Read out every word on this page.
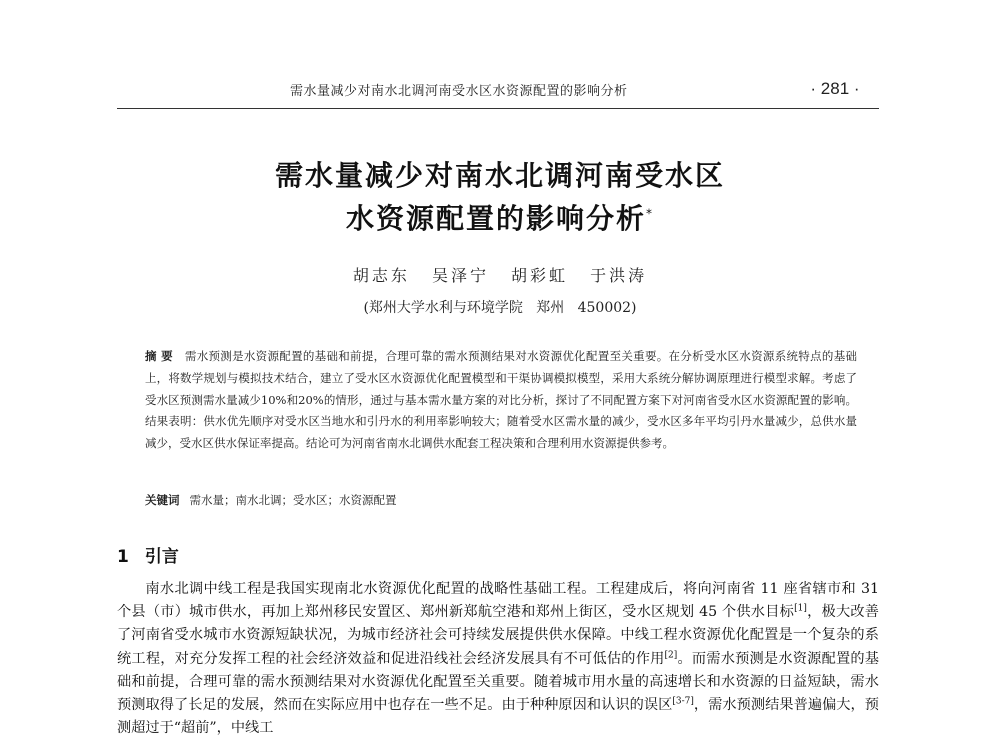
需水量减少对南水北调河南受水区水资源配置的影响分析	· 281 ·
需水量减少对南水北调河南受水区
水资源配置的影响分析*
胡志东 吴泽宁 胡彩虹 于洪涛
(郑州大学水利与环境学院   郑州   450002)
摘 要 需水预测是水资源配置的基础和前提，合理可靠的需水预测结果对水资源优化配置至关重要。在分析受水区水资源系统特点的基础上，将数学规划与模拟技术结合，建立了受水区水资源优化配置模型和干渠协调模拟模型，采用大系统分解协调原理进行模型求解。考虑了受水区预测需水量减少10%和20%的情形，通过与基本需水量方案的对比分析，探讨了不同配置方案下对河南省受水区水资源配置的影响。结果表明：供水优先顺序对受水区当地水和引丹水的利用率影响较大；随着受水区需水量的减少，受水区多年平均引丹水量减少，总供水量减少，受水区供水保证率提高。结论可为河南省南水北调供水配套工程决策和合理利用水资源提供参考。
关键词 需水量；南水北调；受水区；水资源配置
1 引言
南水北调中线工程是我国实现南北水资源优化配置的战略性基础工程。工程建成后，将向河南省 11 座省辖市和 31 个县（市）城市供水，再加上郑州移民安置区、郑州新郑航空港和郑州上街区，受水区规划 45 个供水目标[1]，极大改善了河南省受水城市水资源短缺状况，为城市经济社会可持续发展提供供水保障。中线工程水资源优化配置是一个复杂的系统工程，对充分发挥工程的社会经济效益和促进沿线社会经济发展具有不可低估的作用[2]。而需水预测是水资源配置的基础和前提，合理可靠的需水预测结果对水资源优化配置至关重要。随着城市用水量的高速增长和水资源的日益短缺，需水预测取得了长足的发展，然而在实际应用中也存在一些不足。由于种种原因和认识的误区[3-7]，需水预测结果普遍偏大，预测超过于“超前”，中线工
